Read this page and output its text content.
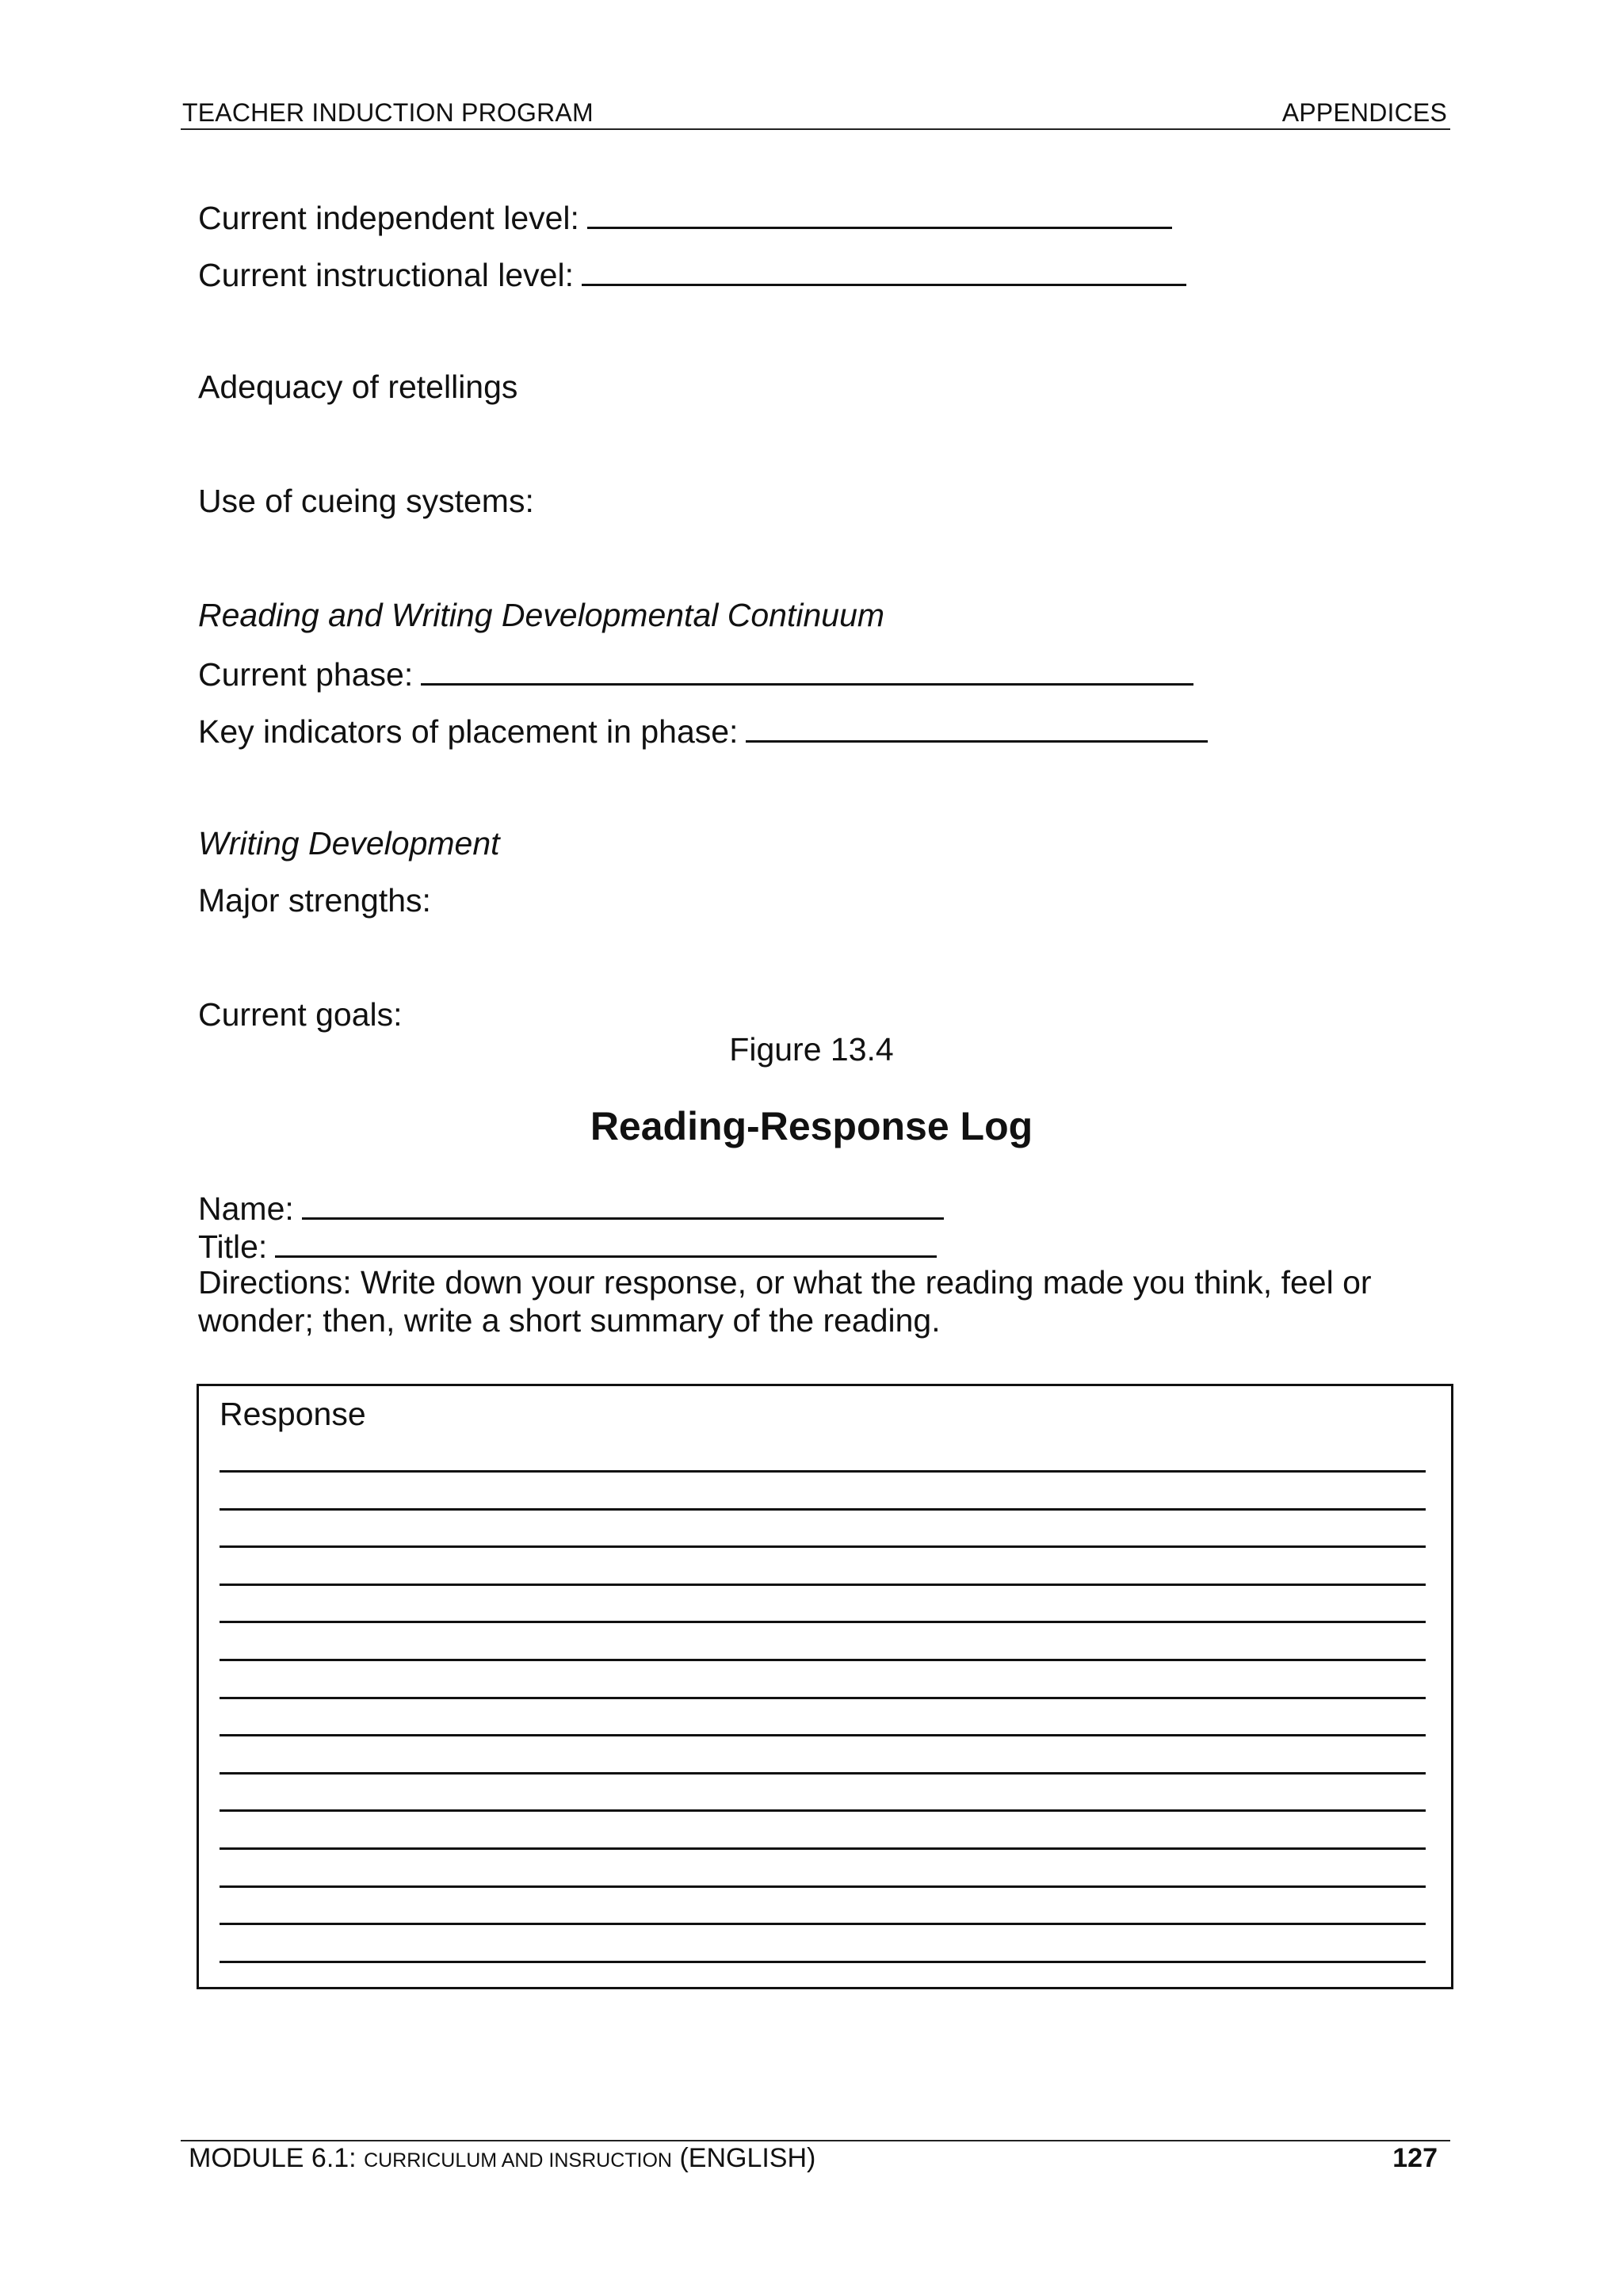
TEACHER INDUCTION PROGRAM	APPENDICES
Current independent level:
Current instructional level:
Adequacy of retellings
Use of cueing systems:
Reading and Writing Developmental Continuum
Current phase:
Key indicators of placement in phase:
Writing Development
Major strengths:
Current goals:
Figure 13.4
Reading-Response Log
Name:
Title:
Directions: Write down your response, or what the reading made you think, feel or
wonder; then, write a short summary of the reading.
Response
MODULE 6.1: CURRICULUM AND INSRUCTION (ENGLISH)	127
